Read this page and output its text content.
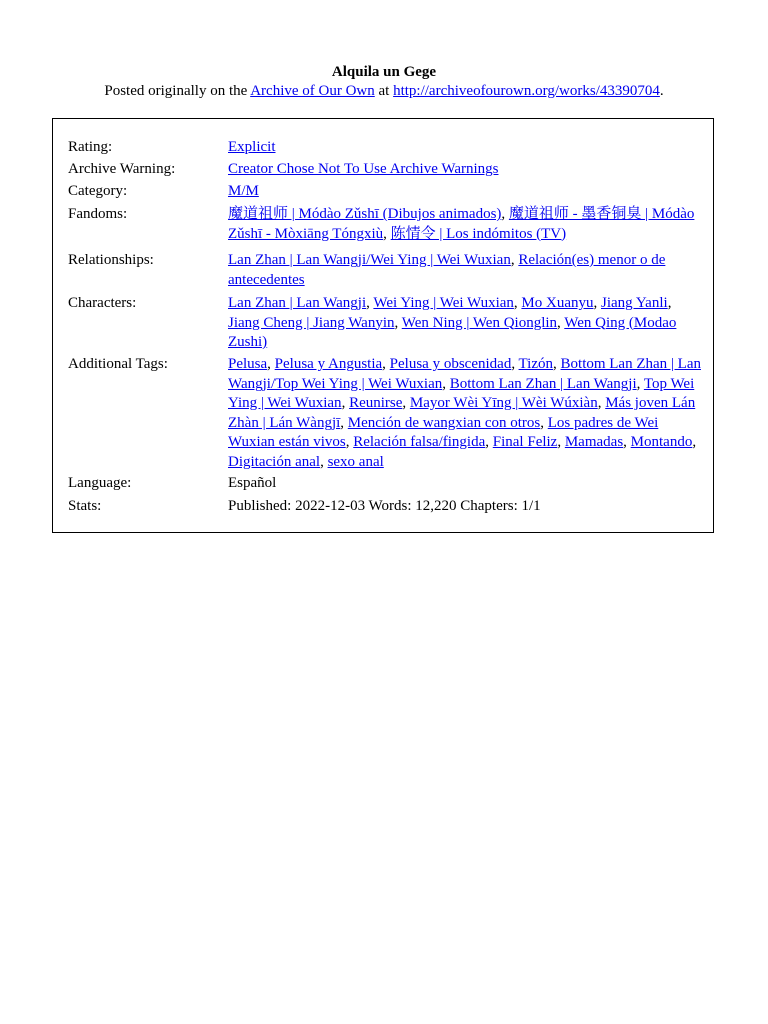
Alquila un Gege
Posted originally on the Archive of Our Own at http://archiveofourown.org/works/43390704.
Rating:	Explicit
Archive Warning:	Creator Chose Not To Use Archive Warnings
Category:	M/M
Fandoms:	魔道祖师 | Módào Zǔshī (Dibujos animados), 魔道祖师 - 墨香铜臭 | Módào Zǔshī - Mòxiāng Tóngxiù, 陈情令 | Los indómitos (TV)
Relationships:	Lan Zhan | Lan Wangji/Wei Ying | Wei Wuxian, Relación(es) menor o de antecedentes
Characters:	Lan Zhan | Lan Wangji, Wei Ying | Wei Wuxian, Mo Xuanyu, Jiang Yanli, Jiang Cheng | Jiang Wanyin, Wen Ning | Wen Qionglin, Wen Qing (Modao Zushi)
Additional Tags:	Pelusa, Pelusa y Angustia, Pelusa y obscenidad, Tizón, Bottom Lan Zhan | Lan Wangji/Top Wei Ying | Wei Wuxian, Bottom Lan Zhan | Lan Wangji, Top Wei Ying | Wei Wuxian, Reunirse, Mayor Wèi Yīng | Wèi Wúxiàn, Más joven Lán Zhàn | Lán Wàngjī, Mención de wangxian con otros, Los padres de Wei Wuxian están vivos, Relación falsa/fingida, Final Feliz, Mamadas, Montando, Digitación anal, sexo anal
Language:	Español
Stats:	Published: 2022-12-03 Words: 12,220 Chapters: 1/1
